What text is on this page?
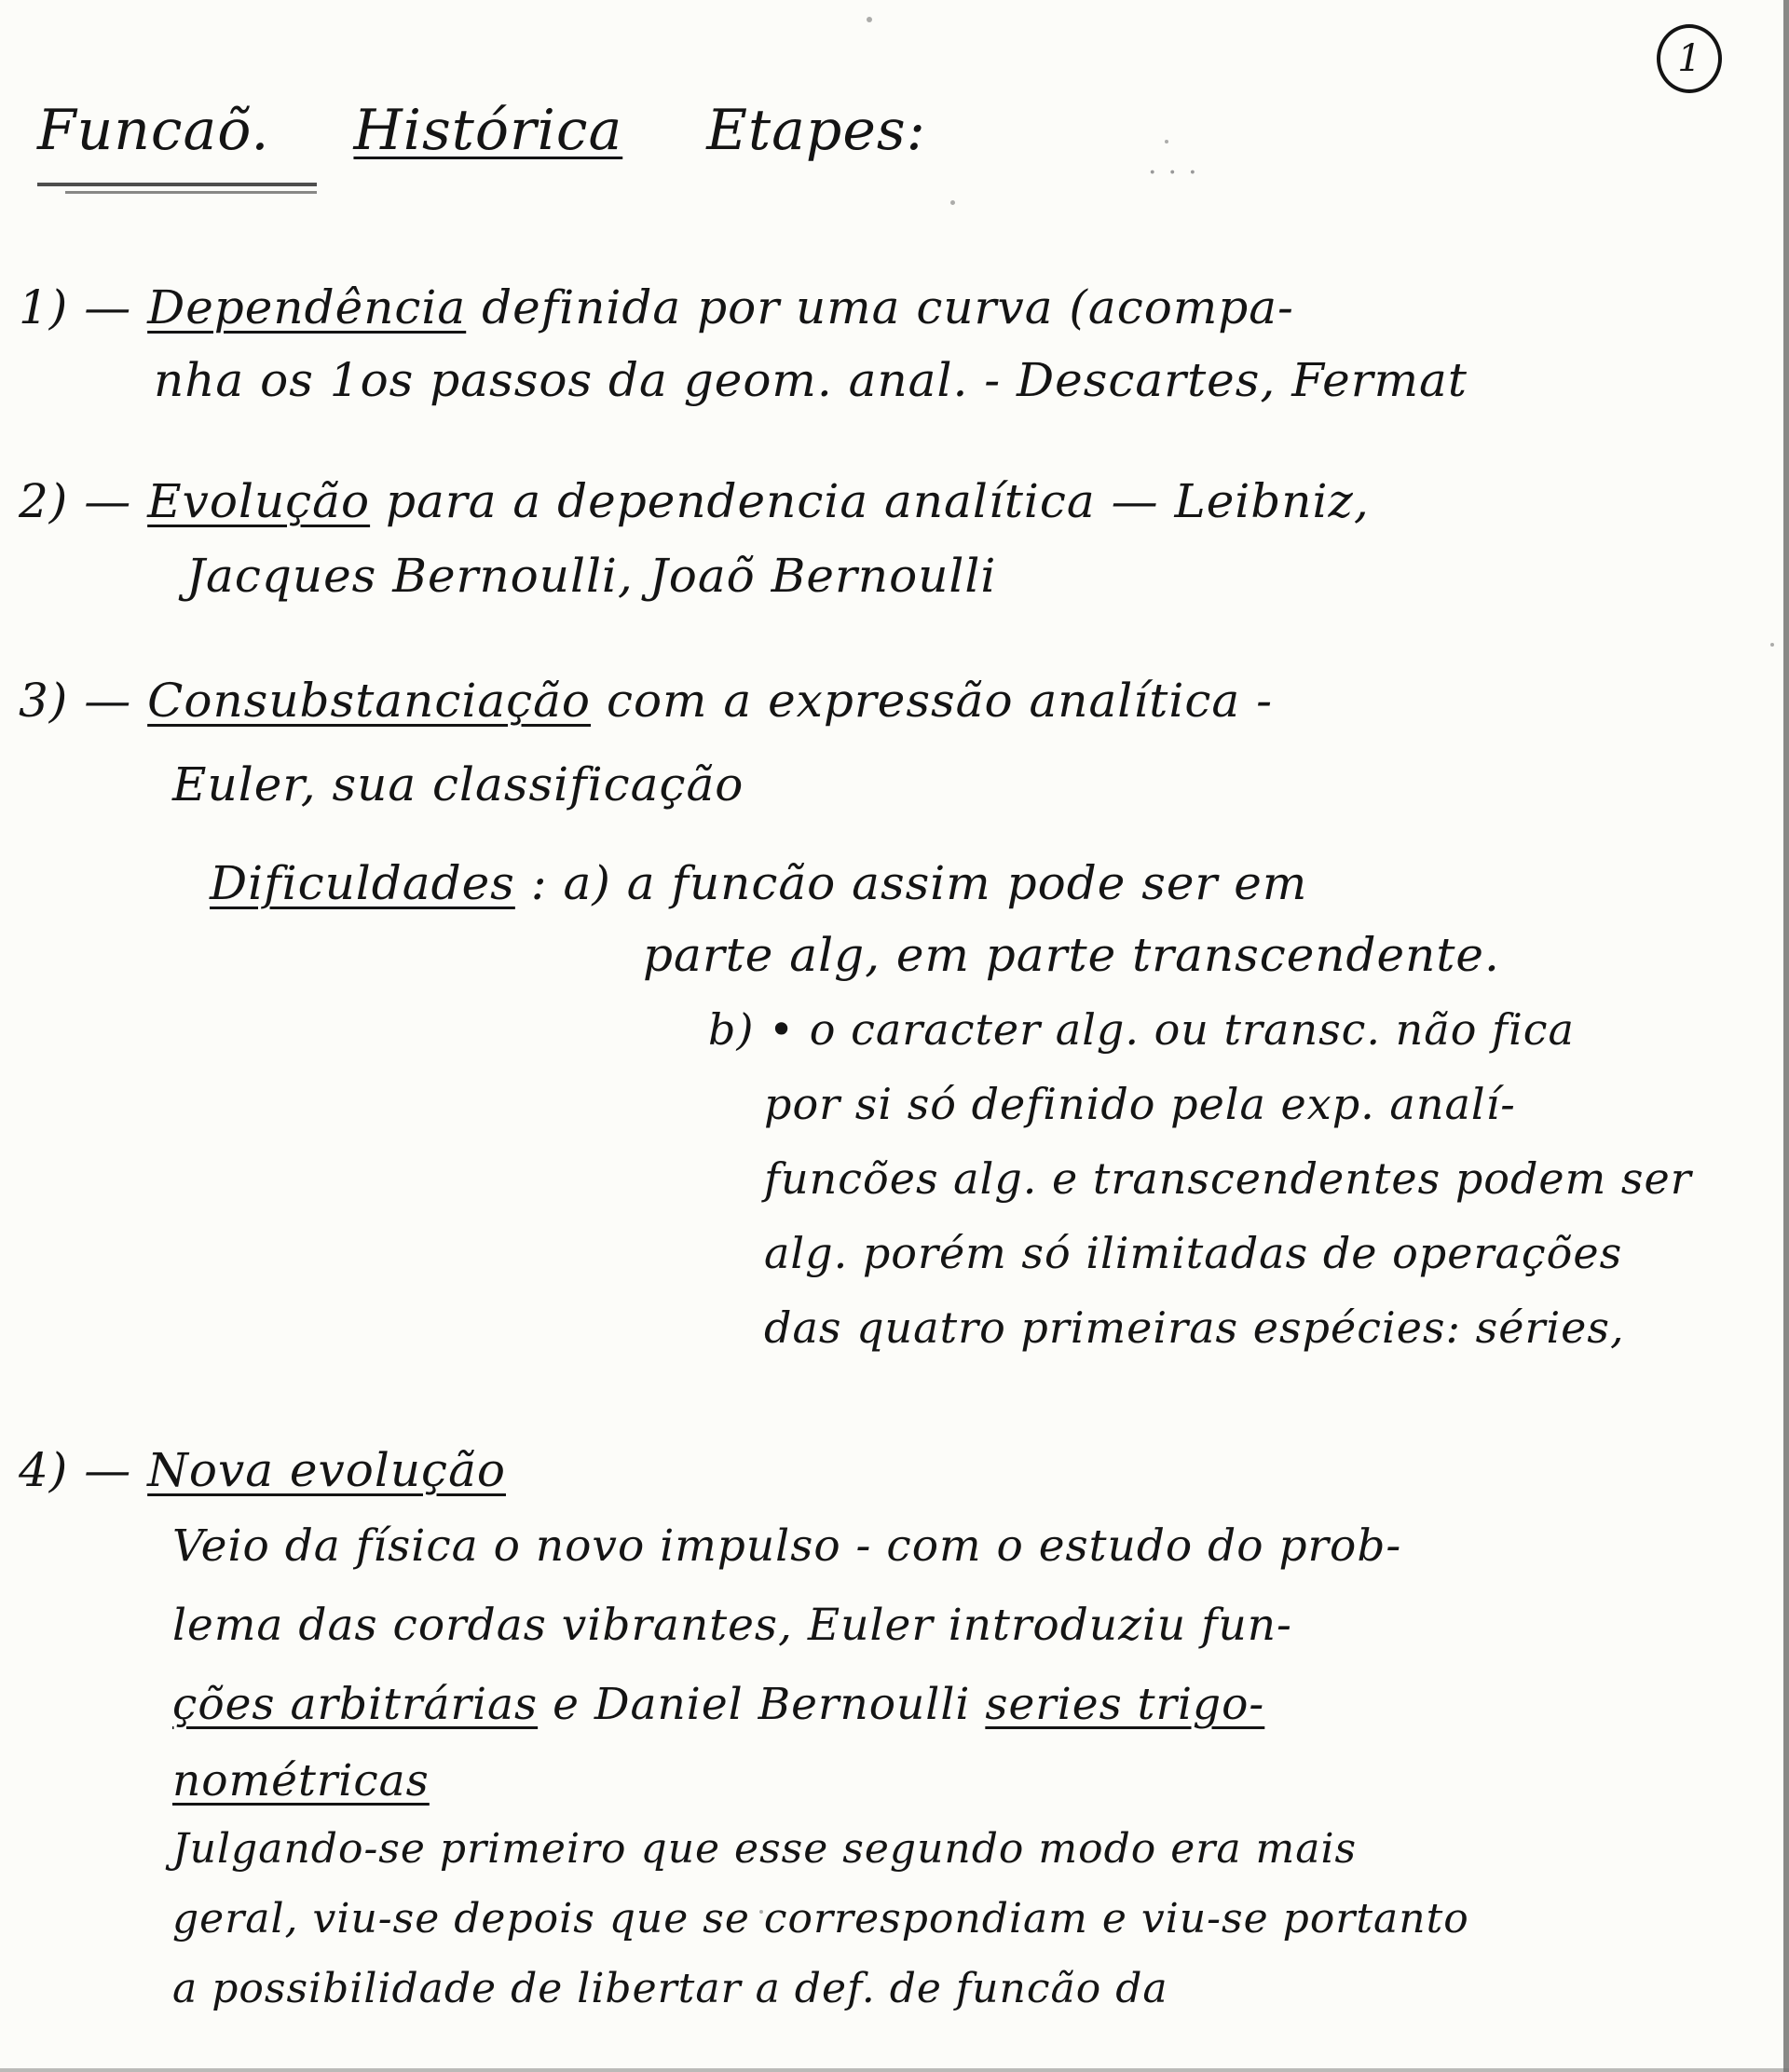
1
Funcaõ. Histórica Etapes:
···
1) — Dependência definida por uma curva (acompa-
nha os 1os passos da geom. anal. - Descartes, Fermat
2) — Evolução para a dependencia analítica — Leibniz,
Jacques Bernoulli, Joaõ Bernoulli
3) — Consubstanciação com a expressão analítica -
Euler, sua classificação
Dificuldades : a) a funcão assim pode ser em
parte alg, em parte transcendente.
b) • o caracter alg. ou transc. não fica
por si só definido pela exp. analí-
funcões alg. e transcendentes podem ser
alg. porém só ilimitadas de operações
das quatro primeiras espécies: séries,
4) — Nova evolução
Veio da física o novo impulso - com o estudo do prob-
lema das cordas vibrantes, Euler introduziu fun-
ções arbitrárias e Daniel Bernoulli series trigo-
nométricas
Julgando-se primeiro que esse segundo modo era mais
geral, viu-se depois que se correspondiam e viu-se portanto
a possibilidade de libertar a def. de funcão da
